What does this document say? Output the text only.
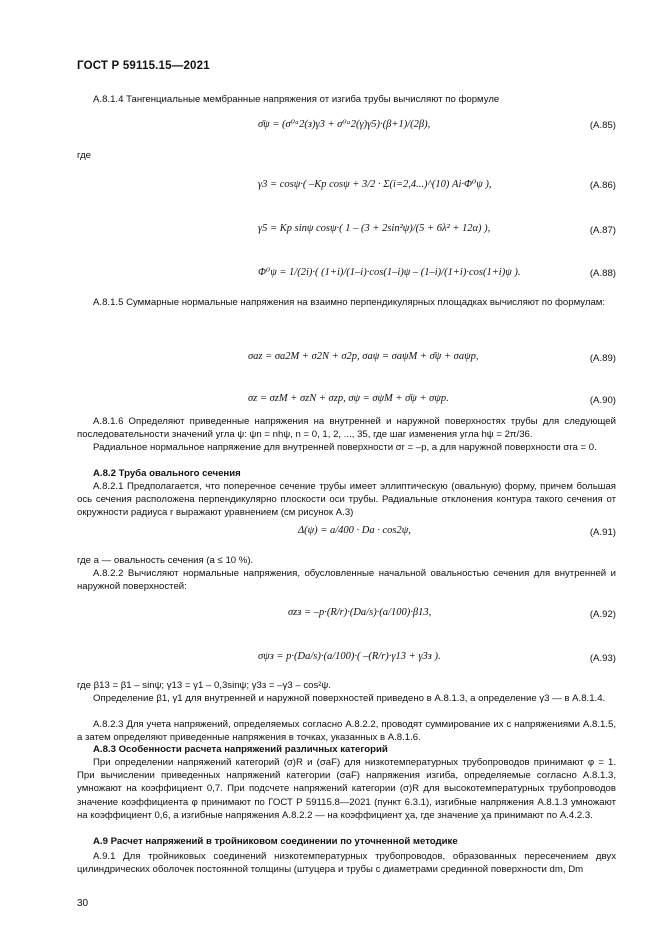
ГОСТ Р 59115.15—2021
А.8.1.4 Тангенциальные мембранные напряжения от изгиба трубы вычисляют по формуле
σ̄ψ = (σ⁰ᵃ2(з)γ3 + σ⁰ᵃ2(γ)γ5)·(β+1)/(2β),	(A.85)
где
γ3 = cosψ·( –Kp cosψ + 3/2 · Σ(i=2,4...)^(10) Ai·Φ⁰ψ ),	(A.86)
γ5 = Kp sinψ cosψ·( 1 – (3 + 2sin²ψ)/(5 + 6λ² + 12α) ),	(A.87)
Φ⁰ψ = 1/(2i)·( (1+i)/(1–i)·cos(1–i)ψ – (1–i)/(1+i)·cos(1+i)ψ ).	(A.88)
А.8.1.5 Суммарные нормальные напряжения на взаимно перпендикулярных площадках вычисляют по формулам:
σaz = σa2M + σ2N + σ2p, σaψ = σaψM + σ̄ψ + σaψp,	(A.89)
σz = σzM + σzN + σzp, σψ = σψM + σ̄ψ + σψp.	(A.90)
А.8.1.6 Определяют приведенные напряжения на внутренней и наружной поверхностях трубы для следующей последовательности значений угла ψ: ψn = nhψ, n = 0, 1, 2, ..., 35, где шаг изменения угла hψ = 2π/36.
Радиальное нормальное напряжение для внутренней поверхности σr = –p, а для наружной поверхности σra = 0.
А.8.2 Труба овального сечения
А.8.2.1 Предполагается, что поперечное сечение трубы имеет эллиптическую (овальную) форму, причем большая ось сечения расположена перпендикулярно плоскости оси трубы. Радиальные отклонения контура такого сечения от окружности радиуса r выражают уравнением (см рисунок А.3)
Δ(ψ) = a/400 · Dа · cos2ψ,	(A.91)
где a — овальность сечения (a ≤ 10 %).
А.8.2.2 Вычисляют нормальные напряжения, обусловленные начальной овальностью сечения для внутренней и наружной поверхностей:
σzз = –p·(R/r)·(Dа/s)·(a/100)·β13,	(A.92)
σψз = p·(Dа/s)·(a/100)·( –(R/r)·γ13 + γ3з ).	(A.93)
где β13 = β1 – sinψ; γ13 = γ1 – 0,3sinψ; γ3з = –γ3 – cos²ψ.
Определение β1, γ1 для внутренней и наружной поверхностей приведено в А.8.1.3, а определение γ3 — в А.8.1.4.
А.8.2.3 Для учета напряжений, определяемых согласно А.8.2.2, проводят суммирование их с напряжениями А.8.1.5, а затем определяют приведенные напряжения в точках, указанных в А.8.1.6.
А.8.3 Особенности расчета напряжений различных категорий
При определении напряжений категорий (σ)R и (σaF) для низкотемпературных трубопроводов принимают φ = 1. При вычислении приведенных напряжений категории (σaF) напряжения изгиба, определяемые согласно А.8.1.3, умножают на коэффициент 0,7. При подсчете напряжений категории (σ)R для высокотемпературных трубопроводов значение коэффициента φ принимают по ГОСТ Р 59115.8—2021 (пункт 6.3.1), изгибные напряжения А.8.1.3 умножают на коэффициент 0,6, а изгибные напряжения А.8.2.2 — на коэффициент χa, где значение χa принимают по А.4.2.3.
А.9 Расчет напряжений в тройниковом соединении по уточненной методике
А.9.1 Для тройниковых соединений низкотемпературных трубопроводов, образованных пересечением двух цилиндрических оболочек постоянной толщины (штуцера и трубы с диаметрами срединной поверхности dm, Dm
30
